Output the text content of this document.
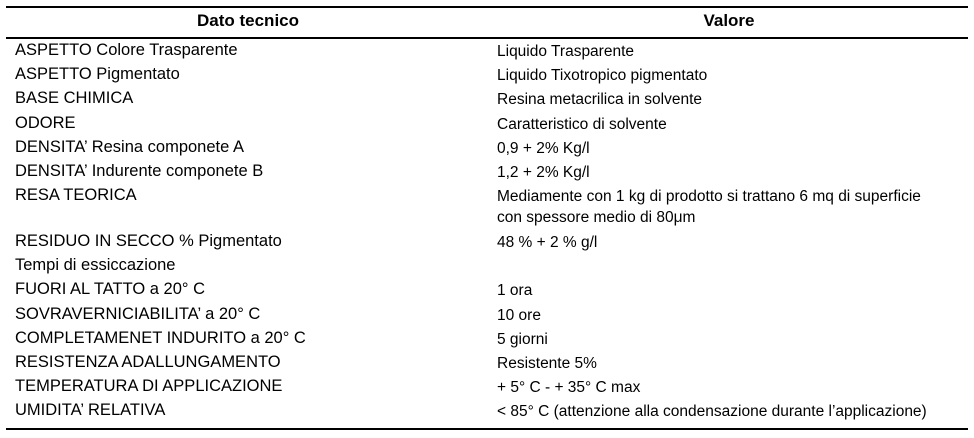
Dato tecnico	Valore
ASPETTO Colore Trasparente	Liquido Trasparente
ASPETTO Pigmentato	Liquido Tixotropico pigmentato
BASE CHIMICA	Resina metacrilica in solvente
ODORE	Caratteristico di solvente
DENSITA’ Resina componete A	0,9 + 2% Kg/l
DENSITA’ Indurente componete B	1,2 + 2% Kg/l
RESA TEORICA	Mediamente con 1 kg di prodotto si trattano 6 mq di superficie
con spessore medio di 80μm
RESIDUO IN SECCO % Pigmentato	48 % + 2 % g/l
Tempi di essiccazione
FUORI AL TATTO a 20° C	1 ora
SOVRAVERNICIABILITA’ a 20° C	10 ore
COMPLETAMENET INDURITO a 20° C	5 giorni
RESISTENZA ADALLUNGAMENTO	Resistente 5%
TEMPERATURA DI APPLICAZIONE	+ 5° C - + 35° C max
UMIDITA’ RELATIVA	< 85° C (attenzione alla condensazione durante l’applicazione)
